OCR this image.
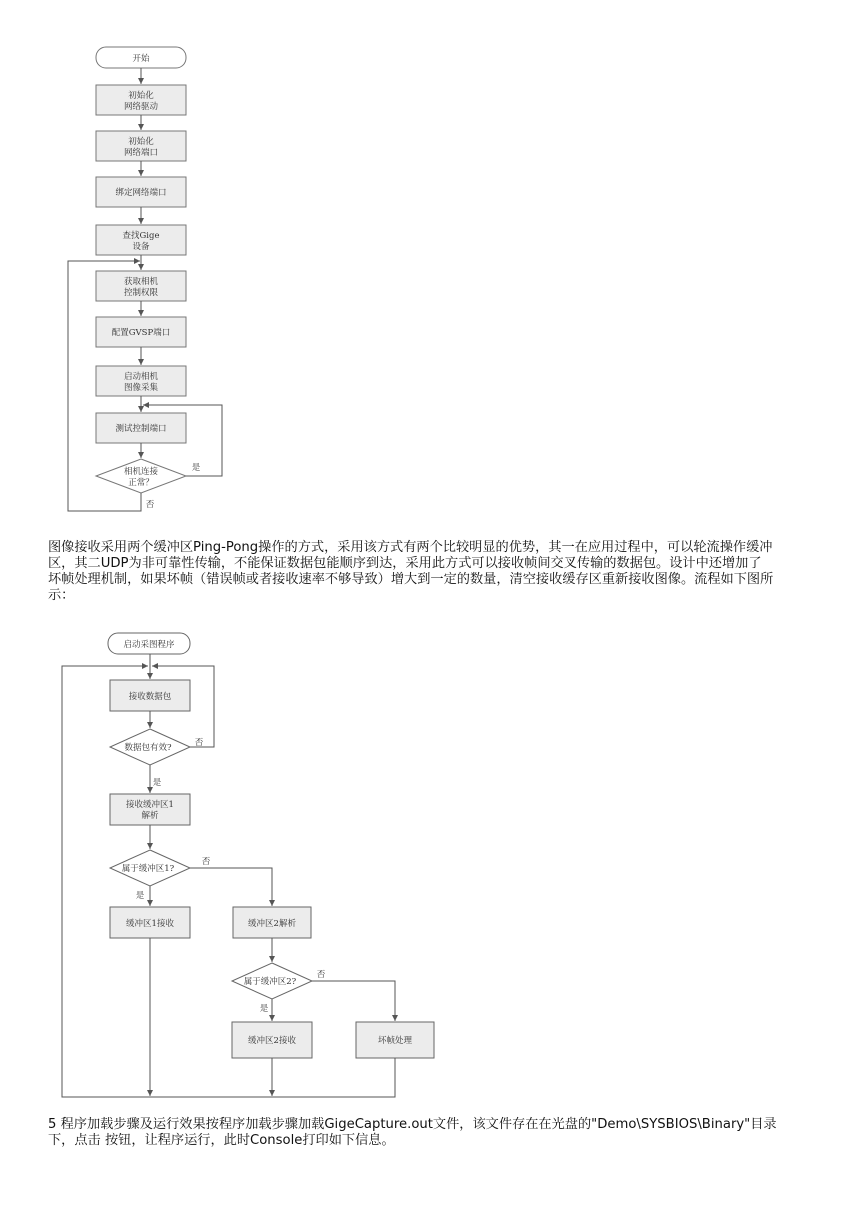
开始
初始化
网络驱动
初始化
网络端口
绑定网络端口
查找Gige
设备
获取相机
控制权限
配置GVSP端口
启动相机
图像采集
测试控制端口
相机连接
正常？
是
否
启动采图程序
接收数据包
数据包有效?	否
是
接收缓冲区1
解析
属于缓冲区1?
否
是
缓冲区1接收	缓冲区2解析
属于缓冲区2?
否
是
缓冲区2接收	坏帧处理

图像接收采用两个缓冲区Ping-Pong操作的方式，采用该方式有两个比较明显的优势，其一在应用过程中，可以轮流操作缓冲
区，其二UDP为非可靠性传输，不能保证数据包能顺序到达，采用此方式可以接收帧间交叉传输的数据包。设计中还增加了
坏帧处理机制，如果坏帧（错误帧或者接收速率不够导致）增大到一定的数量，清空接收缓存区重新接收图像。流程如下图所
示：

5 程序加载步骤及运行效果按程序加载步骤加载GigeCapture.out文件，该文件存在在光盘的"Demo\SYSBIOS\Binary"目录
下，点击 按钮，让程序运行，此时Console打印如下信息。
